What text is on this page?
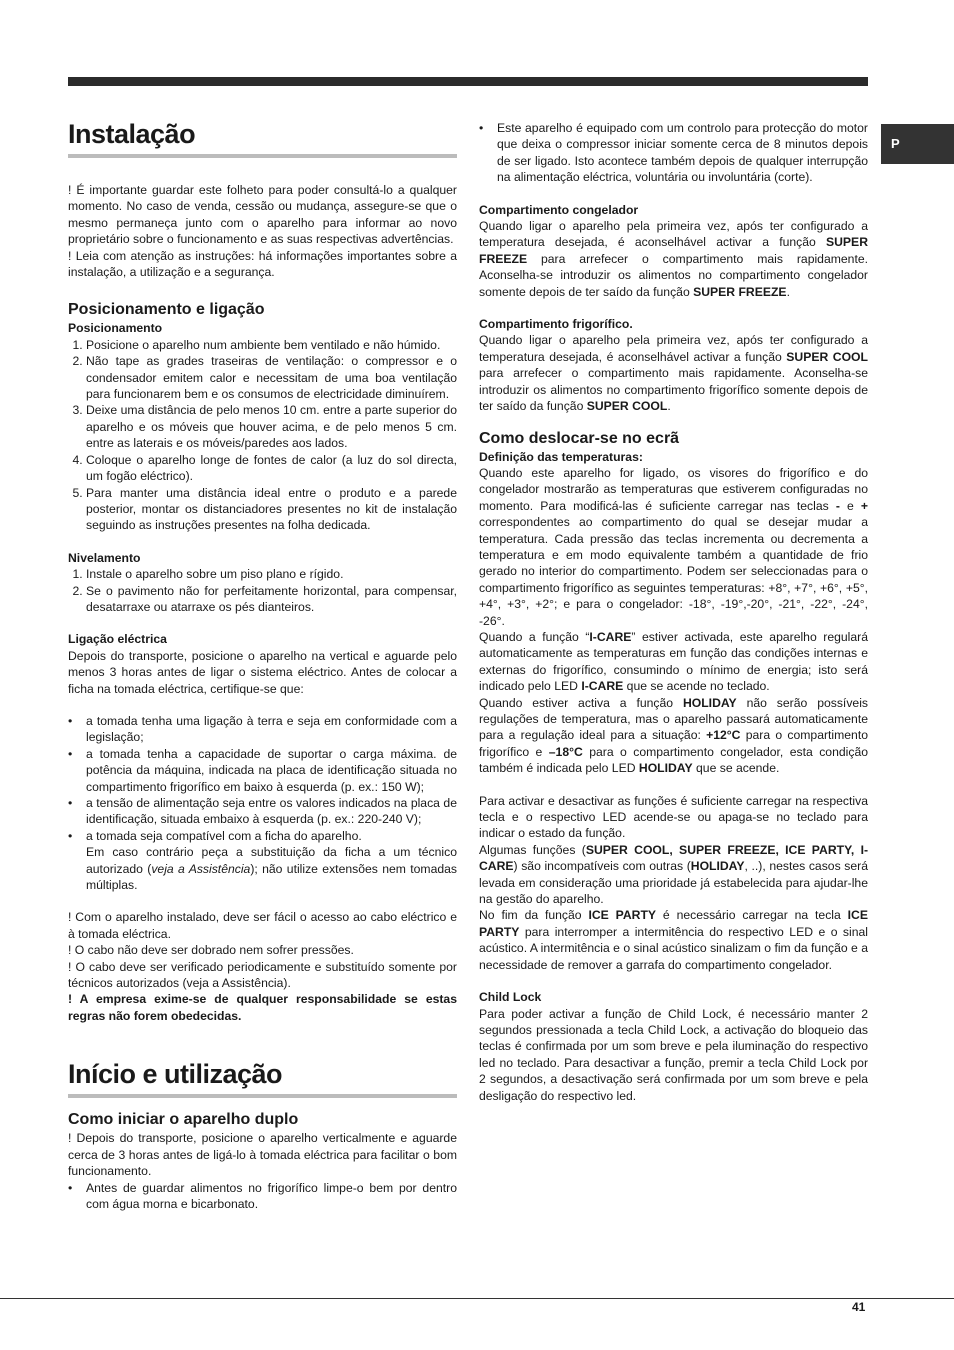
P
Instalação

! É importante guardar este folheto para poder consultá-lo a qualquer momento. No caso de venda, cessão ou mudança, assegure-se que o mesmo permaneça junto com o aparelho para informar ao novo proprietário sobre o funcionamento e as suas respectivas advertências.

! Leia com atenção as instruções: há informações importantes sobre a instalação, a utilização e a segurança.

Posicionamento e ligação
Posicionamento
1. Posicione o aparelho num ambiente bem ventilado e não húmido.
2. Não tape as grades traseiras de ventilação: o compressor e o condensador emitem calor e necessitam de uma boa ventilação para funcionarem bem e os consumos de electricidade diminuírem.
3. Deixe uma distância de pelo menos 10 cm. entre a parte superior do aparelho e os móveis que houver acima, e de pelo menos 5 cm. entre as laterais e os móveis/paredes aos lados.
4. Coloque o aparelho longe de fontes de calor (a luz do sol directa, um fogão eléctrico).
5. Para manter uma distância ideal entre o produto e a parede posterior, montar os distanciadores presentes no kit de instalação seguindo as instruções presentes na folha dedicada.
Nivelamento
1. Instale o aparelho sobre um piso plano e rígido.
2. Se o pavimento não for perfeitamente horizontal, para compensar, desatarraxe ou atarraxe os pés dianteiros.
Ligação eléctrica

Depois do transporte, posicione o aparelho na vertical e aguarde pelo menos 3 horas antes de ligar o sistema eléctrico. Antes de colocar a ficha na tomada eléctrica, certifique-se que:

• a tomada tenha uma ligação à terra e seja em conformidade com a legislação;
• a tomada tenha a capacidade de suportar o carga máxima. de potência da máquina, indicada na placa de identificação situada no compartimento frigorífico em baixo à esquerda (p. ex.: 150 W);
• a tensão de alimentação seja entre os valores indicados na placa de identificação, situada embaixo à esquerda (p. ex.: 220-240 V);
• a tomada seja compatível com a ficha do aparelho.

Em caso contrário peça a substituição da ficha a um técnico autorizado (veja a Assistência); não utilize extensões nem tomadas múltiplas.

! Com o aparelho instalado, deve ser fácil o acesso ao cabo eléctrico e à tomada eléctrica.

! O cabo não deve ser dobrado nem sofrer pressões.

! O cabo deve ser verificado periodicamente e substituído somente por técnicos autorizados (veja a Assistência).

! A empresa exime-se de qualquer responsabilidade se estas regras não forem obedecidas.

Início e utilização
Como iniciar o aparelho duplo

! Depois do transporte, posicione o aparelho verticalmente e aguarde cerca de 3 horas antes de ligá-lo à tomada eléctrica para facilitar o bom funcionamento.

• Antes de guardar alimentos no frigorífico limpe-o bem por dentro com água morna e bicarbonato.
• Este aparelho é equipado com um controlo para protecção do motor que deixa o compressor iniciar somente cerca de 8 minutos depois de ser ligado. Isto acontece também depois de qualquer interrupção na alimentação eléctrica, voluntária ou involuntária (corte).
Compartimento congelador

Quando ligar o aparelho pela primeira vez, após ter configurado a temperatura desejada, é aconselhável activar a função SUPER FREEZE para arrefecer o compartimento mais rapidamente. Aconselha-se introduzir os alimentos no compartimento congelador somente depois de ter saído da função SUPER FREEZE.

Compartimento frigorífico.

Quando ligar o aparelho pela primeira vez, após ter configurado a temperatura desejada, é aconselhável activar a função SUPER COOL para arrefecer o compartimento mais rapidamente. Aconselha-se introduzir os alimentos no compartimento frigorífico somente depois de ter saído da função SUPER COOL.

Como deslocar-se no ecrã
Definição das temperaturas:

Quando este aparelho for ligado, os visores do frigorífico e do congelador mostrarão as temperaturas que estiverem configuradas no momento. Para modificá-las é suficiente carregar nas teclas - e + correspondentes ao compartimento do qual se desejar mudar a temperatura. Cada pressão das teclas incrementa ou decrementa a temperatura e em modo equivalente também a quantidade de frio gerado no interior do compartimento. Podem ser seleccionadas para o compartimento frigorífico as seguintes temperaturas: +8°, +7°, +6°, +5°, +4°, +3°, +2°; e para o congelador: -18°, -19°,-20°, -21°, -22°, -24°, -26°.

Quando a função “I-CARE” estiver activada, este aparelho regulará automaticamente as temperaturas em função das condições internas e externas do frigorífico, consumindo o mínimo de energia; isto será indicado pelo LED I-CARE que se acende no teclado.

Quando estiver activa a função HOLIDAY não serão possíveis regulações de temperatura, mas o aparelho passará automaticamente para a regulação ideal para a situação: +12°C para o compartimento frigorífico e –18°C para o compartimento congelador, esta condição também é indicada pelo LED HOLIDAY que se acende.

Para activar e desactivar as funções é suficiente carregar na respectiva tecla e o respectivo LED acende-se ou apaga-se no teclado para indicar o estado da função.

Algumas funções (SUPER COOL, SUPER FREEZE, ICE PARTY, I-CARE) são incompatíveis com outras (HOLIDAY, ..), nestes casos será levada em consideração uma prioridade já estabelecida para ajudar-lhe na gestão do aparelho.

No fim da função ICE PARTY é necessário carregar na tecla ICE PARTY para interromper a intermitência do respectivo LED e o sinal acústico. A intermitência e o sinal acústico sinalizam o fim da função e a necessidade de remover a garrafa do compartimento congelador.

Child Lock

Para poder activar a função de Child Lock, é necessário manter 2 segundos pressionada a tecla Child Lock, a activação do bloqueio das teclas é confirmada por um som breve e pela iluminação do respectivo led no teclado. Para desactivar a função, premir a tecla Child Lock por 2 segundos, a desactivação será confirmada por um som breve e pela desligação do respectivo led.

41
